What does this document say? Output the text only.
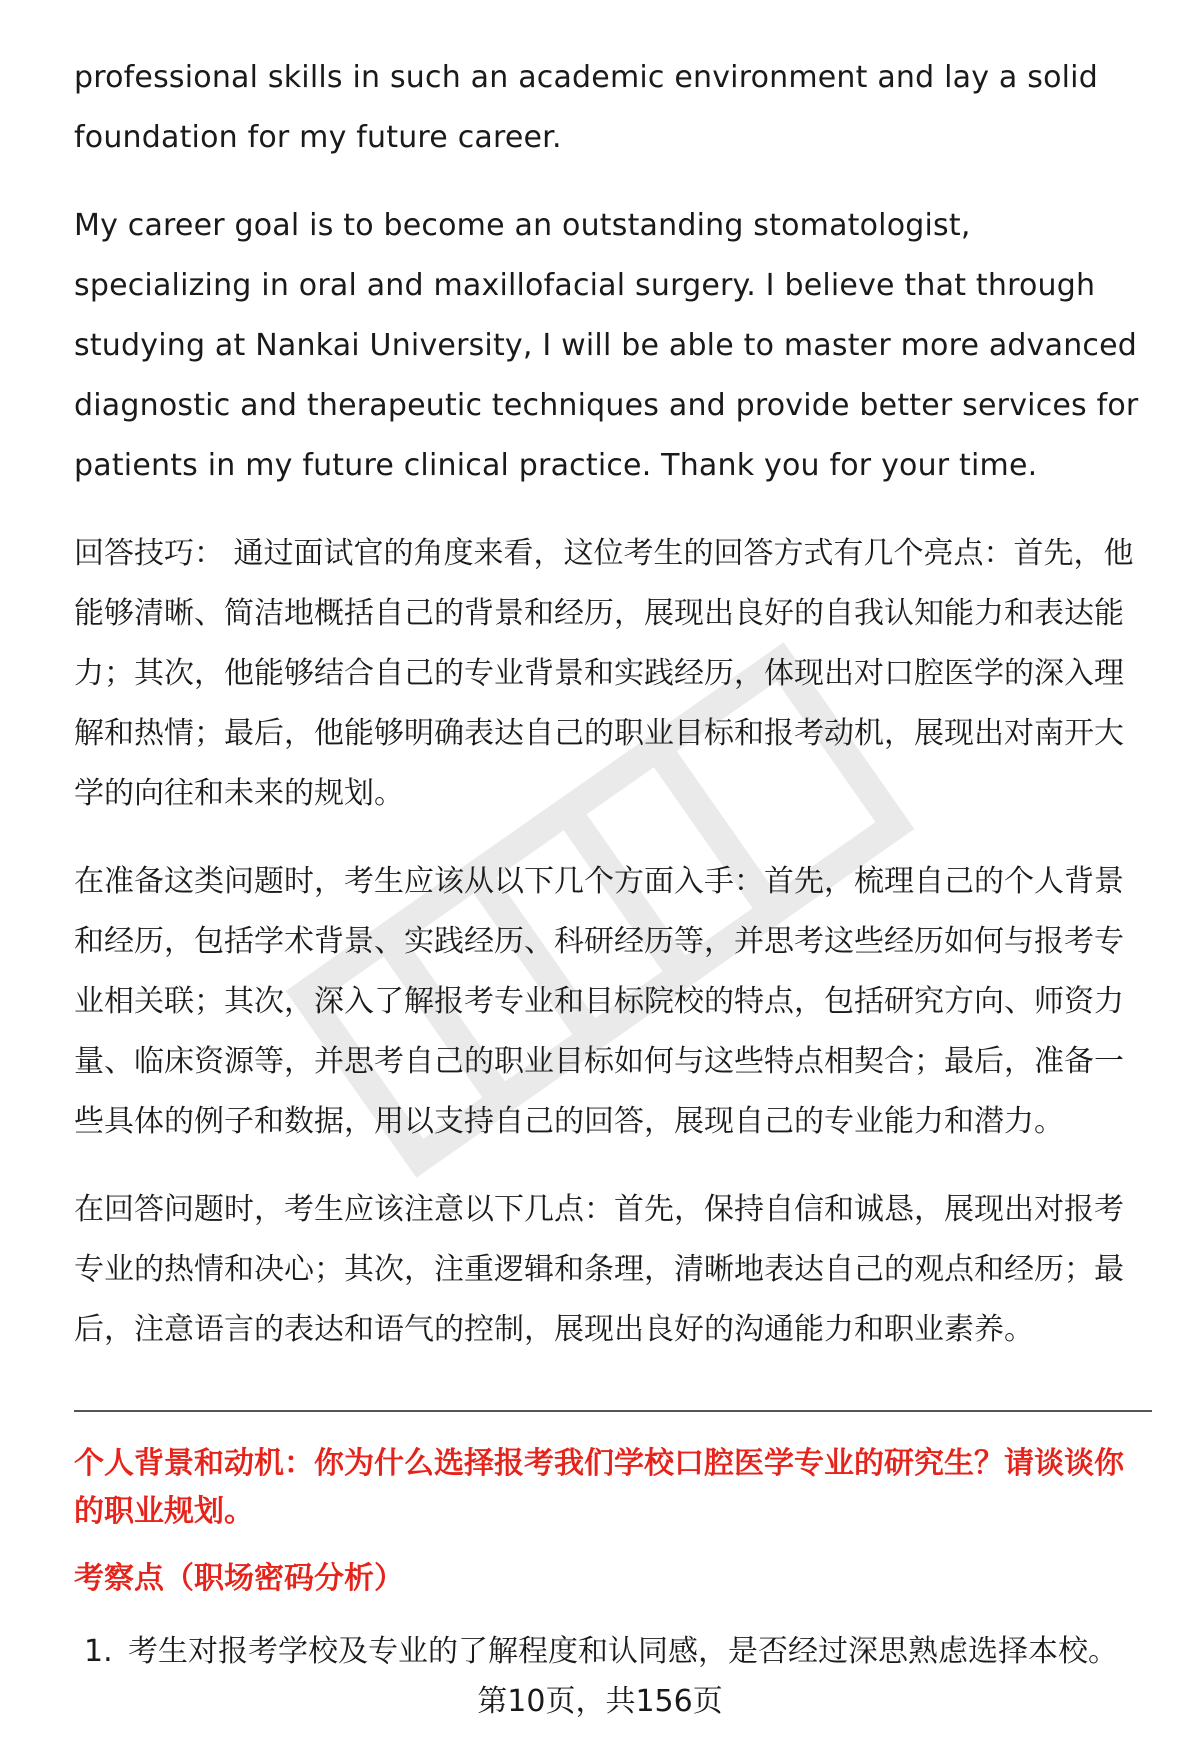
professional skills in such an academic environment and lay a solid foundation for my future career.

My career goal is to become an outstanding stomatologist, specializing in oral and maxillofacial surgery. I believe that through studying at Nankai University, I will be able to master more advanced diagnostic and therapeutic techniques and provide better services for patients in my future clinical practice. Thank you for your time.

回答技巧： 通过面试官的角度来看，这位考生的回答方式有几个亮点：首先，他能够清晰、简洁地概括自己的背景和经历，展现出良好的自我认知能力和表达能力；其次，他能够结合自己的专业背景和实践经历，体现出对口腔医学的深入理解和热情；最后，他能够明确表达自己的职业目标和报考动机，展现出对南开大学的向往和未来的规划。

在准备这类问题时，考生应该从以下几个方面入手：首先，梳理自己的个人背景和经历，包括学术背景、实践经历、科研经历等，并思考这些经历如何与报考专业相关联；其次，深入了解报考专业和目标院校的特点，包括研究方向、师资力量、临床资源等，并思考自己的职业目标如何与这些特点相契合；最后，准备一些具体的例子和数据，用以支持自己的回答，展现自己的专业能力和潜力。

在回答问题时，考生应该注意以下几点：首先，保持自信和诚恳，展现出对报考专业的热情和决心；其次，注重逻辑和条理，清晰地表达自己的观点和经历；最后，注意语言的表达和语气的控制，展现出良好的沟通能力和职业素养。

个人背景和动机：你为什么选择报考我们学校口腔医学专业的研究生？请谈谈你的职业规划。

考察点（职场密码分析）

1. 考生对报考学校及专业的了解程度和认同感，是否经过深思熟虑选择本校。
第10页，共156页
